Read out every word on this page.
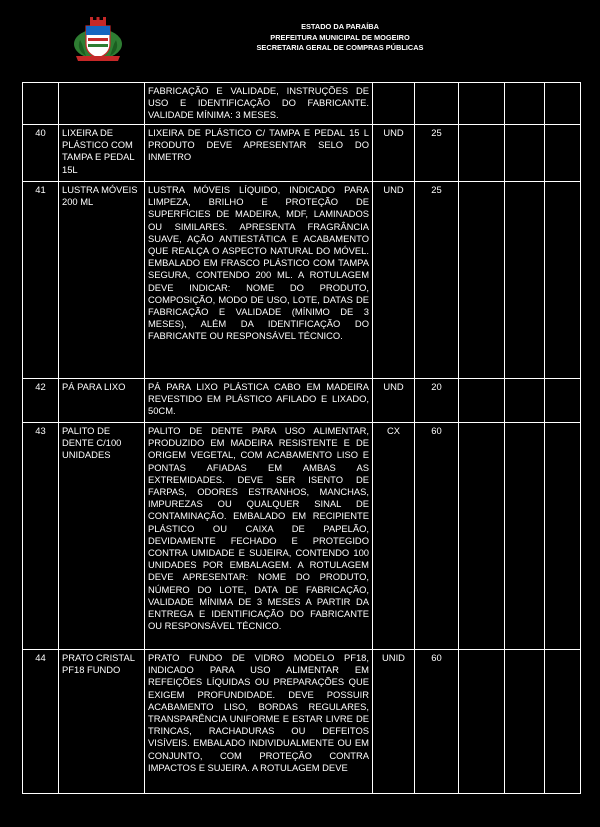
ESTADO DA PARAÍBA
PREFEITURA MUNICIPAL DE MOGEIRO
SECRETARIA GERAL DE COMPRAS PÚBLICAS
		FABRICAÇÃO E VALIDADE, INSTRUÇÕES DE USO E IDENTIFICAÇÃO DO FABRICANTE. VALIDADE MÍNIMA: 3 MESES.					
40	LIXEIRA DE PLÁSTICO COM TAMPA E PEDAL 15L	LIXEIRA DE PLÁSTICO C/ TAMPA E PEDAL 15 L PRODUTO DEVE APRESENTAR SELO DO INMETRO	UND	25			
41	LUSTRA MÓVEIS 200 ML	LUSTRA MÓVEIS LÍQUIDO, INDICADO PARA LIMPEZA, BRILHO E PROTEÇÃO DE SUPERFÍCIES DE MADEIRA, MDF, LAMINADOS OU SIMILARES. APRESENTA FRAGRÂNCIA SUAVE, AÇÃO ANTIESTÁTICA E ACABAMENTO QUE REALÇA O ASPECTO NATURAL DO MÓVEL. EMBALADO EM FRASCO PLÁSTICO COM TAMPA SEGURA, CONTENDO 200 ML. A ROTULAGEM DEVE INDICAR: NOME DO PRODUTO, COMPOSIÇÃO, MODO DE USO, LOTE, DATAS DE FABRICAÇÃO E VALIDADE (MÍNIMO DE 3 MESES), ALÉM DA IDENTIFICAÇÃO DO FABRICANTE OU RESPONSÁVEL TÉCNICO.	UND	25			
42	PÁ PARA LIXO	PÁ PARA LIXO PLÁSTICA CABO EM MADEIRA REVESTIDO EM PLÁSTICO AFILADO E LIXADO, 50CM.	UND	20			
43	PALITO DE DENTE C/100 UNIDADES	PALITO DE DENTE PARA USO ALIMENTAR, PRODUZIDO EM MADEIRA RESISTENTE E DE ORIGEM VEGETAL, COM ACABAMENTO LISO E PONTAS AFIADAS EM AMBAS AS EXTREMIDADES. DEVE SER ISENTO DE FARPAS, ODORES ESTRANHOS, MANCHAS, IMPUREZAS OU QUALQUER SINAL DE CONTAMINAÇÃO. EMBALADO EM RECIPIENTE PLÁSTICO OU CAIXA DE PAPELÃO, DEVIDAMENTE FECHADO E PROTEGIDO CONTRA UMIDADE E SUJEIRA, CONTENDO 100 UNIDADES POR EMBALAGEM. A ROTULAGEM DEVE APRESENTAR: NOME DO PRODUTO, NÚMERO DO LOTE, DATA DE FABRICAÇÃO, VALIDADE MÍNIMA DE 3 MESES A PARTIR DA ENTREGA E IDENTIFICAÇÃO DO FABRICANTE OU RESPONSÁVEL TÉCNICO.	CX	60			
44	PRATO CRISTAL PF18 FUNDO	PRATO FUNDO DE VIDRO MODELO PF18, INDICADO PARA USO ALIMENTAR EM REFEIÇÕES LÍQUIDAS OU PREPARAÇÕES QUE EXIGEM PROFUNDIDADE. DEVE POSSUIR ACABAMENTO LISO, BORDAS REGULARES, TRANSPARÊNCIA UNIFORME E ESTAR LIVRE DE TRINCAS, RACHADURAS OU DEFEITOS VISÍVEIS. EMBALADO INDIVIDUALMENTE OU EM CONJUNTO, COM PROTEÇÃO CONTRA IMPACTOS E SUJEIRA. A ROTULAGEM DEVE	UNID	60			
